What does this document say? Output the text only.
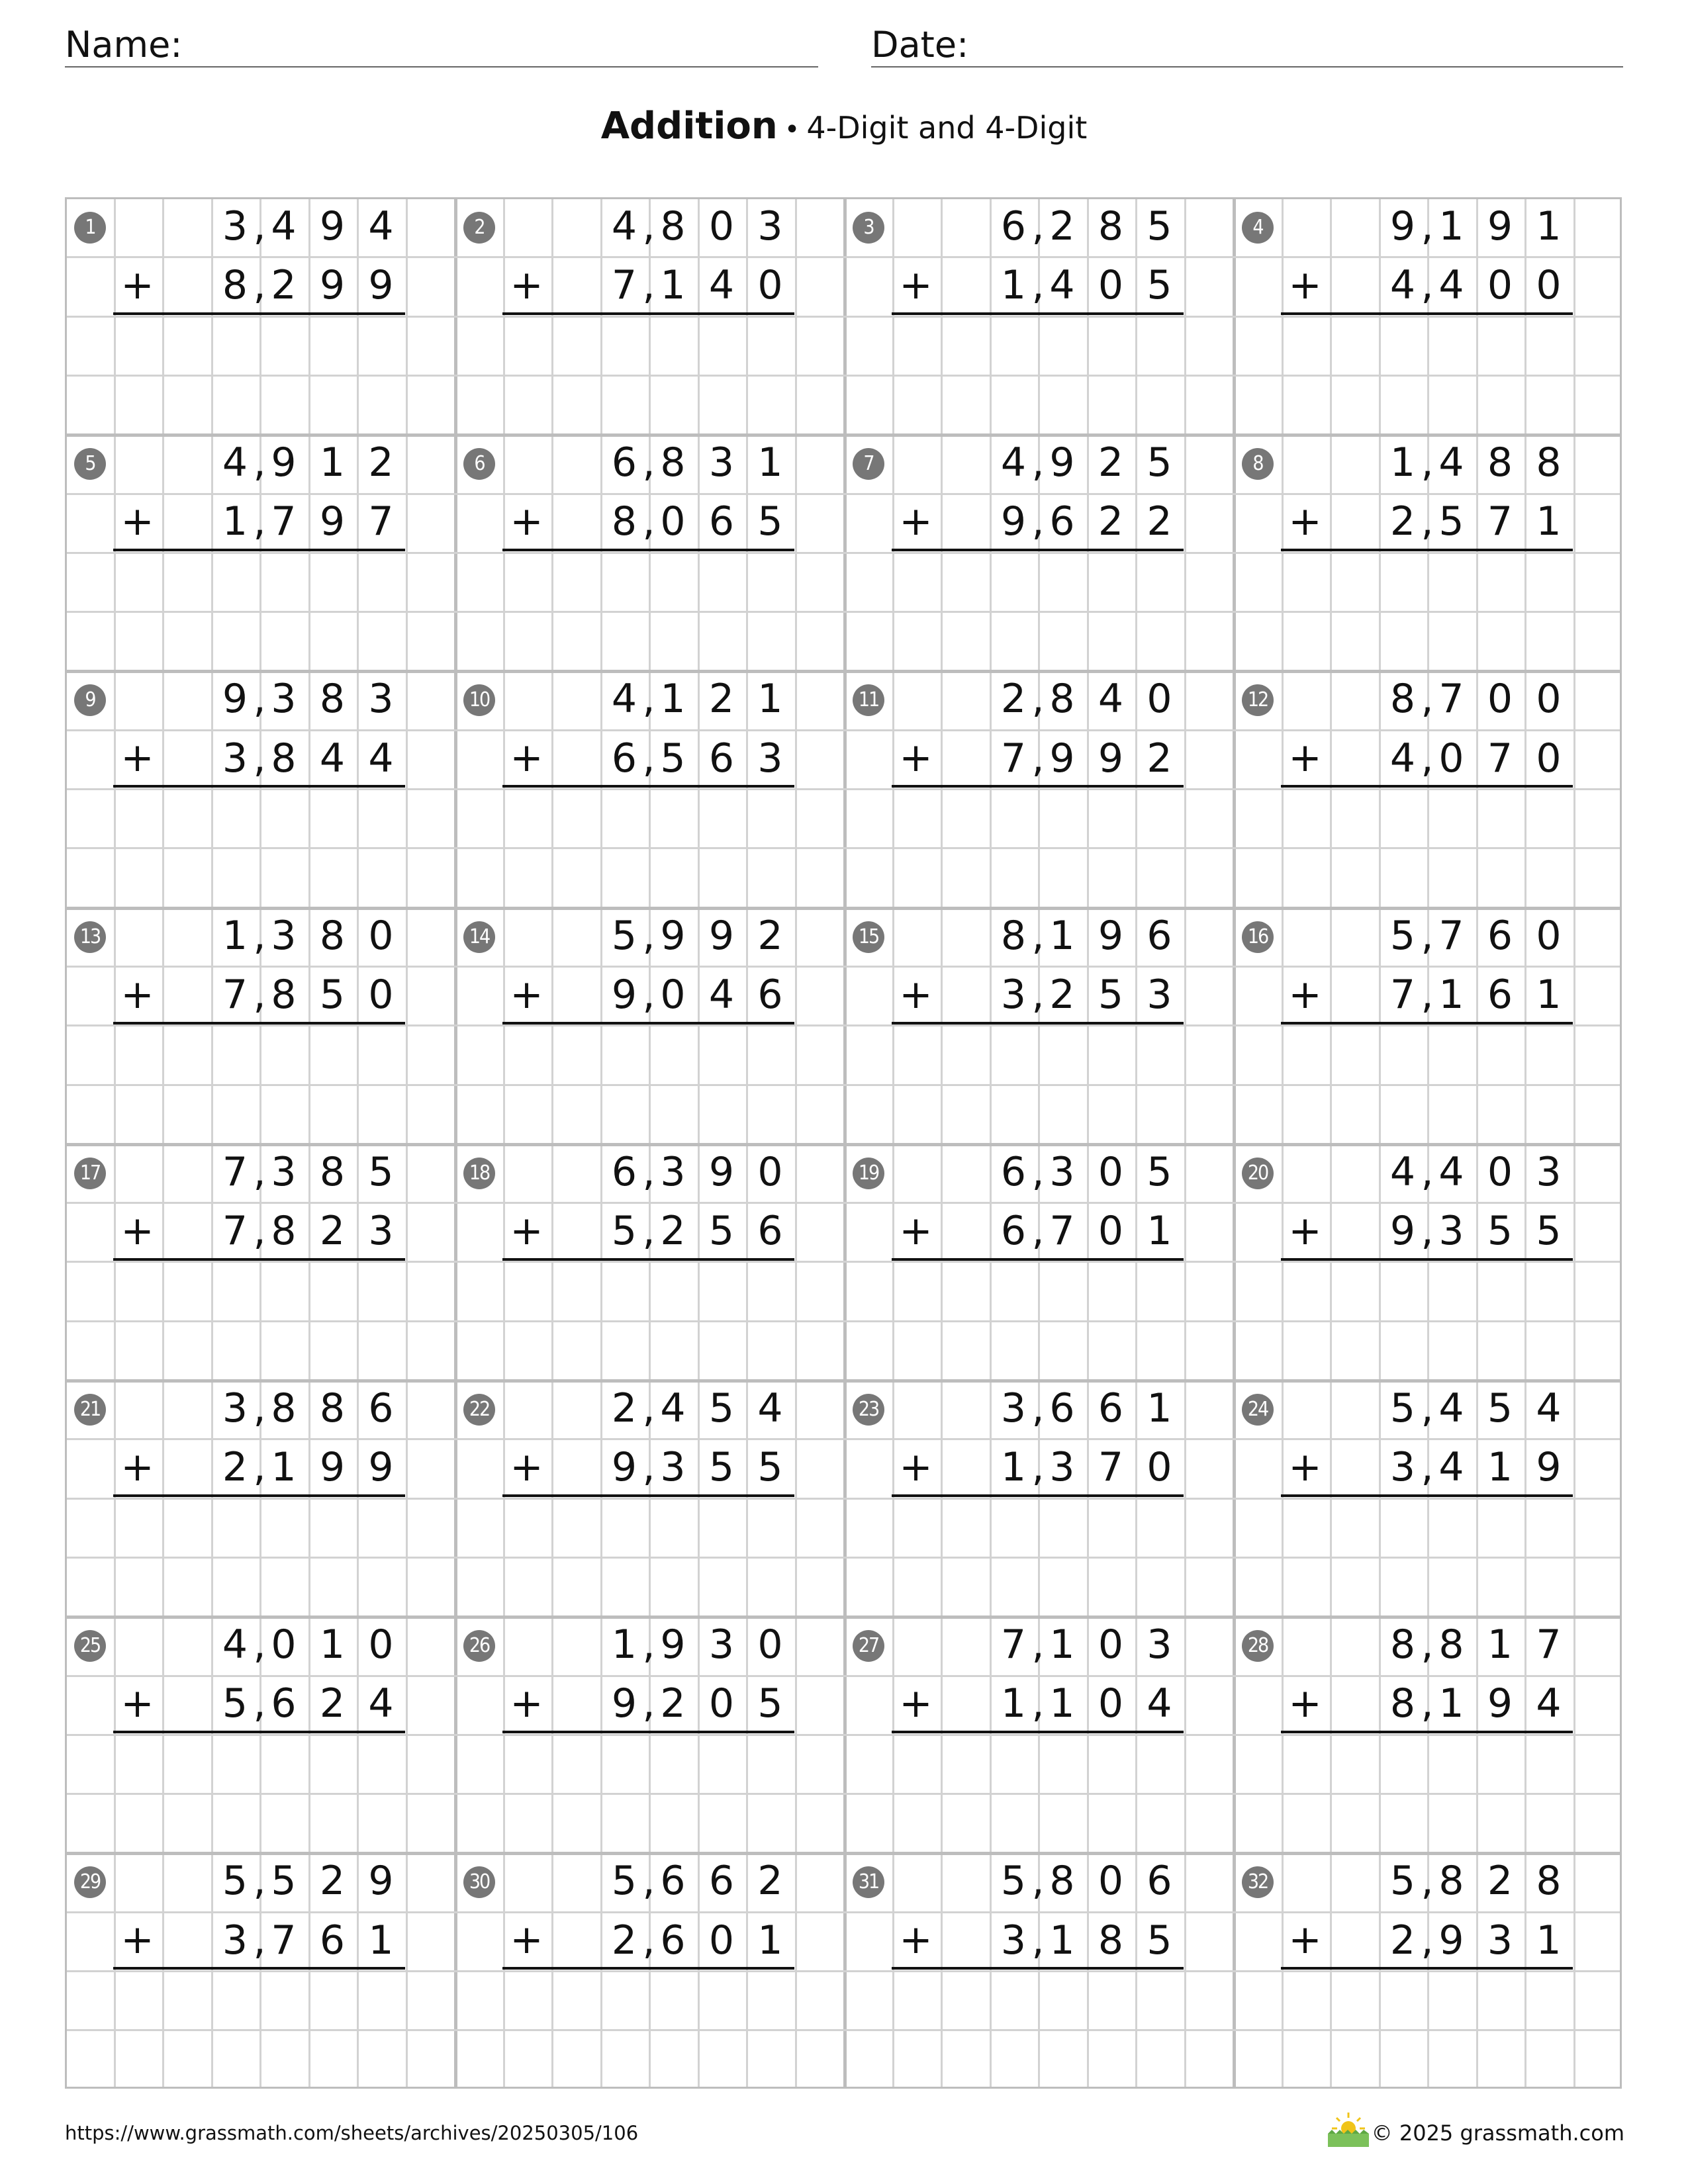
Name:	Date:
Addition • 4-Digit and 4-Digit
1	3 4 9 4
,
8 2 9 9
,
+
2	4 8 0 3
,
7 1 4 0
,
+
3	6 2 8 5
,
1 4 0 5
,
+
4	9 1 9 1
,
4 4 0 0
,
+
5	4 9 1 2
,
1 7 9 7
,
+
6	6 8 3 1
,
8 0 6 5
,
+
7	4 9 2 5
,
9 6 2 2
,
+
8	1 4 8 8
,
2 5 7 1
,
+
9	9 3 8 3
,
3 8 4 4
,
+
10	4 1 2 1
,
6 5 6 3
,
+
11	2 8 4 0
,
7 9 9 2
,
+
12	8 7 0 0
,
4 0 7 0
,
+
13	1 3 8 0
,
7 8 5 0
,
+
14	5 9 9 2
,
9 0 4 6
,
+
15	8 1 9 6
,
3 2 5 3
,
+
16	5 7 6 0
,
7 1 6 1
,
+
17	7 3 8 5
,
7 8 2 3
,
+
18	6 3 9 0
,
5 2 5 6
,
+
19	6 3 0 5
,
6 7 0 1
,
+
20	4 4 0 3
,
9 3 5 5
,
+
21	3 8 8 6
,
2 1 9 9
,
+
22	2 4 5 4
,
9 3 5 5
,
+
23	3 6 6 1
,
1 3 7 0
,
+
24	5 4 5 4
,
3 4 1 9
,
+
25	4 0 1 0
,
5 6 2 4
,
+
26	1 9 3 0
,
9 2 0 5
,
+
27	7 1 0 3
,
1 1 0 4
,
+
28	8 8 1 7
,
8 1 9 4
,
+
29	5 5 2 9
,
3 7 6 1
,
+
30	5 6 6 2
,
2 6 0 1
,
+
31	5 8 0 6
,
3 1 8 5
,
+
32	5 8 2 8
,
2 9 3 1
,
+
https://www.grassmath.com/sheets/archives/20250305/106	© 2025 grassmath.com
